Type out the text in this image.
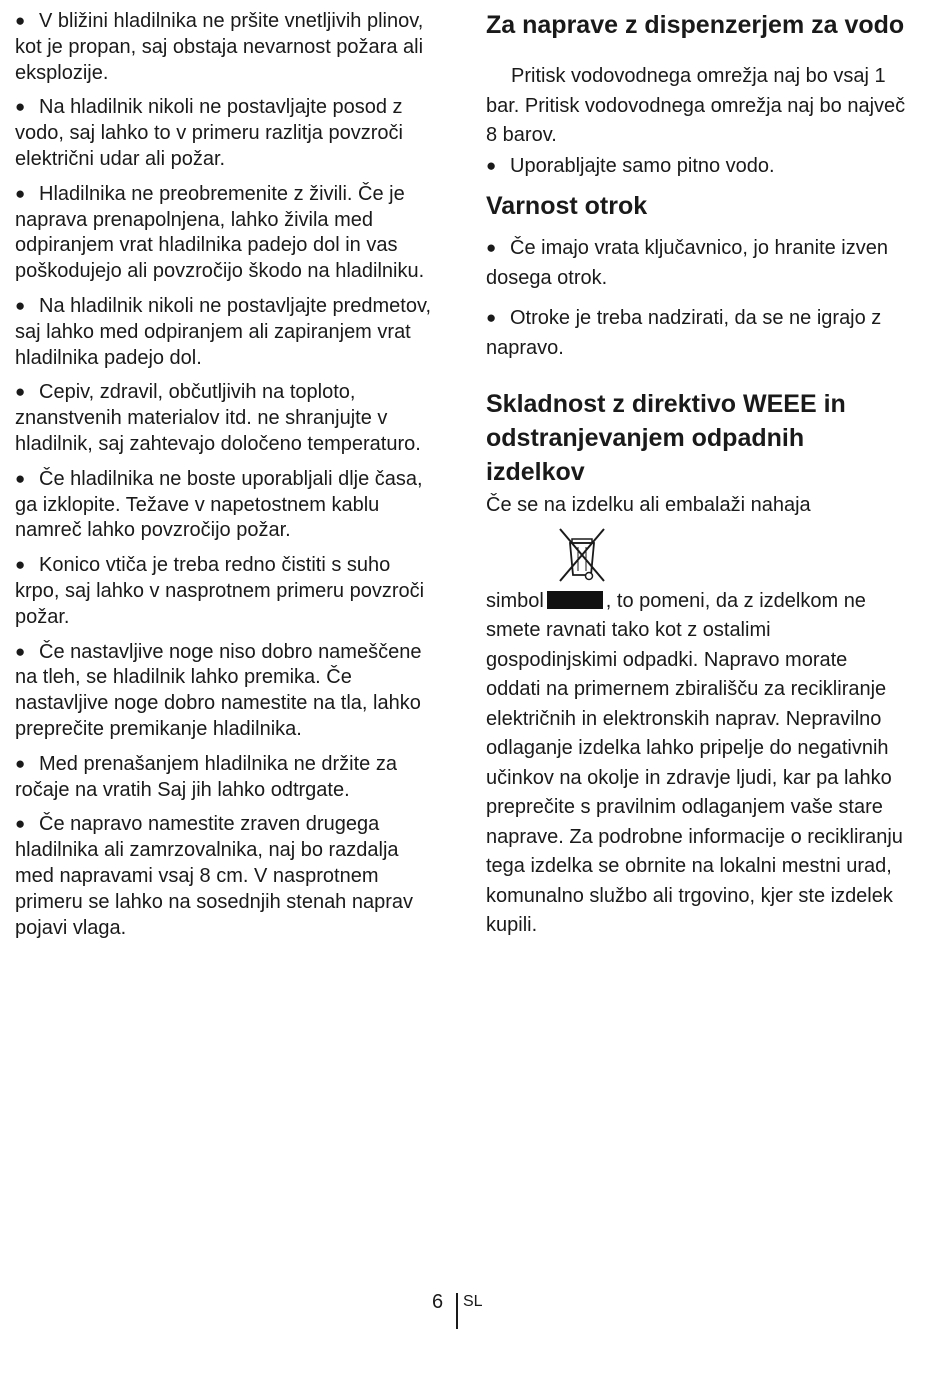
● V bližini hladilnika ne pršite vnetljivih plinov, kot je propan, saj obstaja nevarnost požara ali eksplozije.

● Na hladilnik nikoli ne postavljajte posod z vodo, saj lahko to v primeru razlitja povzroči električni udar ali požar.

● Hladilnika ne preobremenite z živili. Če je naprava prenapolnjena, lahko živila med odpiranjem vrat hladilnika padejo dol in vas poškodujejo ali povzročijo škodo na hladilniku.

● Na hladilnik nikoli ne postavljajte predmetov, saj lahko med odpiranjem ali zapiranjem vrat hladilnika padejo dol.

● Cepiv, zdravil, občutljivih na toploto, znanstvenih materialov itd. ne shranjujte v hladilnik, saj zahtevajo določeno temperaturo.

● Če hladilnika ne boste uporabljali dlje časa, ga izklopite. Težave v napetostnem kablu namreč lahko povzročijo požar.

● Konico vtiča je treba redno čistiti s suho krpo, saj lahko v nasprotnem primeru povzroči požar.

● Če nastavljive noge niso dobro nameščene na tleh, se hladilnik lahko premika. Če nastavljive noge dobro namestite na tla, lahko preprečite premikanje hladilnika.

● Med prenašanjem hladilnika ne držite za ročaje na vratih Saj jih lahko odtrgate.

● Če napravo namestite zraven drugega hladilnika ali zamrzovalnika, naj bo razdalja med napravami vsaj 8 cm. V nasprotnem primeru se lahko na sosednjih stenah naprav pojavi vlaga.

Za naprave z dispenzerjem za vodo

Pritisk vodovodnega omrežja naj bo vsaj 1 bar. Pritisk vodovodnega omrežja naj bo največ 8 barov.

● Uporabljajte samo pitno vodo.

Varnost otrok

● Če imajo vrata ključavnico, jo hranite izven dosega otrok.

● Otroke je treba nadzirati, da se ne igrajo z napravo.

Skladnost z direktivo WEEE in odstranjevanjem odpadnih izdelkov

Če se na izdelku ali embalaži nahaja

simbol	, to pomeni, da z izdelkom ne smete ravnati tako kot z ostalimi gospodinjskimi odpadki. Napravo morate oddati na primernem zbirališču za recikliranje električnih in elektronskih naprav. Nepravilno odlaganje izdelka lahko pripelje do negativnih učinkov na okolje in zdravje ljudi, kar pa lahko preprečite s pravilnim odlaganjem vaše stare naprave. Za podrobne informacije o recikliranju tega izdelka se obrnite na lokalni mestni urad, komunalno službo ali trgovino, kjer ste izdelek kupili.

6 SL
